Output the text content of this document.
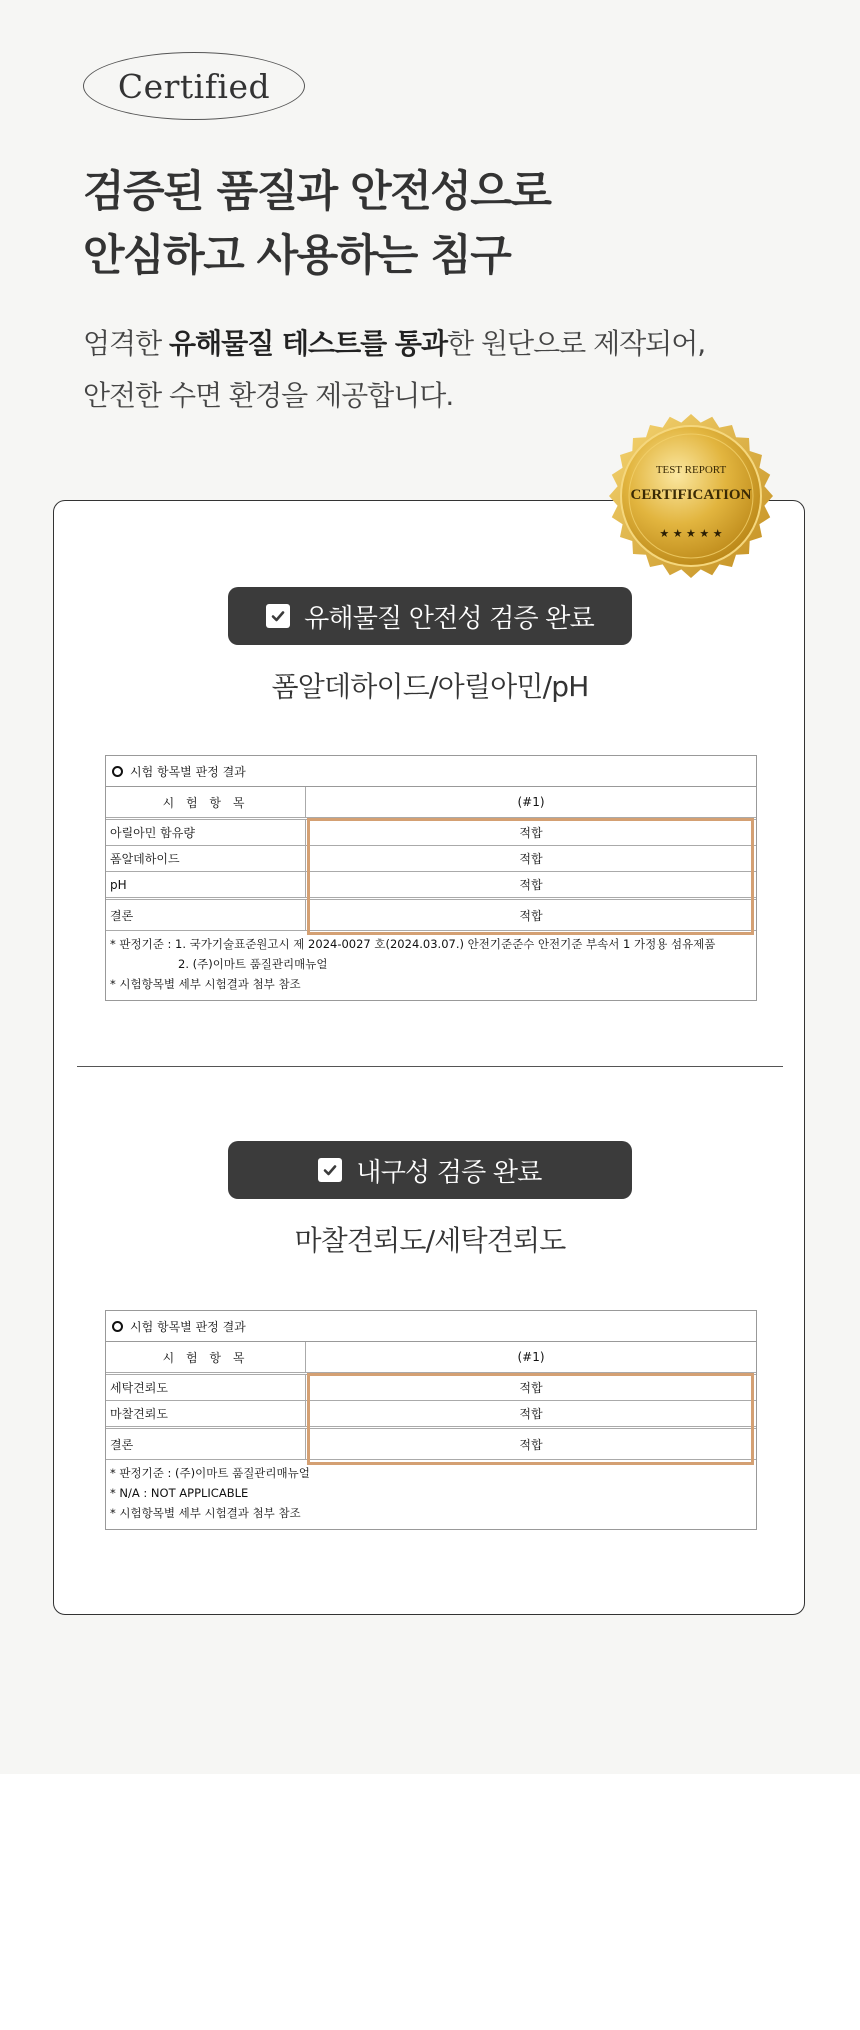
Certified
검증된 품질과 안전성으로
안심하고 사용하는 침구
엄격한 유해물질 테스트를 통과한 원단으로 제작되어,
안전한 수면 환경을 제공합니다.
TEST REPORT
CERTIFICATION
★ ★ ★ ★ ★
유해물질 안전성 검증 완료
폼알데하이드/아릴아민/pH
시험 항목별 판정 결과
시 험 항 목	(#1)
아릴아민 함유량	적합
폼알데하이드	적합
pH	적합
결론	적합
* 판정기준 : 1. 국가기술표준원고시 제 2024-0027 호(2024.03.07.) 안전기준준수 안전기준 부속서 1 가정용 섬유제품
2. (주)이마트 품질관리매뉴얼
* 시험항목별 세부 시험결과 첨부 참조
내구성 검증 완료
마찰견뢰도/세탁견뢰도
시험 항목별 판정 결과
시 험 항 목	(#1)
세탁견뢰도	적합
마찰견뢰도	적합
결론	적합
* 판정기준 : (주)이마트 품질관리매뉴얼
* N/A : NOT APPLICABLE
* 시험항목별 세부 시험결과 첨부 참조
